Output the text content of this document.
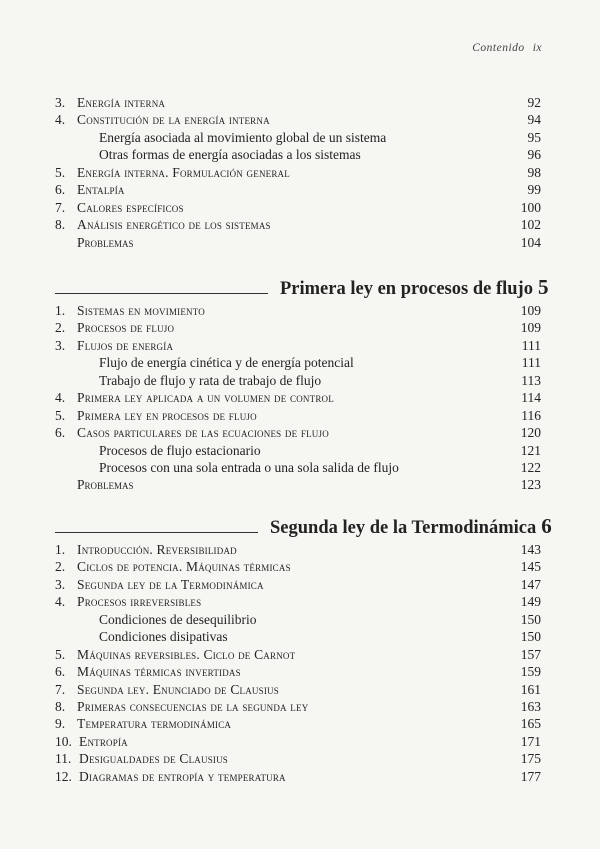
Contenido ix
3. Energía interna	92
4. Constitución de la energía interna	94
Energía asociada al movimiento global de un sistema	95
Otras formas de energía asociadas a los sistemas	96
5. Energía interna. Formulación general	98
6. Entalpía	99
7. Calores específicos	100
8. Análisis energético de los sistemas	102
Problemas	104
Primera ley en procesos de flujo 5
1. Sistemas en movimiento	109
2. Procesos de flujo	109
3. Flujos de energía	111
Flujo de energía cinética y de energía potencial	111
Trabajo de flujo y rata de trabajo de flujo	113
4. Primera ley aplicada a un volumen de control	114
5. Primera ley en procesos de flujo	116
6. Casos particulares de las ecuaciones de flujo	120
Procesos de flujo estacionario	121
Procesos con una sola entrada o una sola salida de flujo	122
Problemas	123
Segunda ley de la Termodinámica 6
1. Introducción. Reversibilidad	143
2. Ciclos de potencia. Máquinas térmicas	145
3. Segunda ley de la Termodinámica	147
4. Procesos irreversibles	149
Condiciones de desequilibrio	150
Condiciones disipativas	150
5. Máquinas reversibles. Ciclo de Carnot	157
6. Máquinas térmicas invertidas	159
7. Segunda ley. Enunciado de Clausius	161
8. Primeras consecuencias de la segunda ley	163
9. Temperatura termodinámica	165
10. Entropía	171
11. Desigualdades de Clausius	175
12. Diagramas de entropía y temperatura	177
